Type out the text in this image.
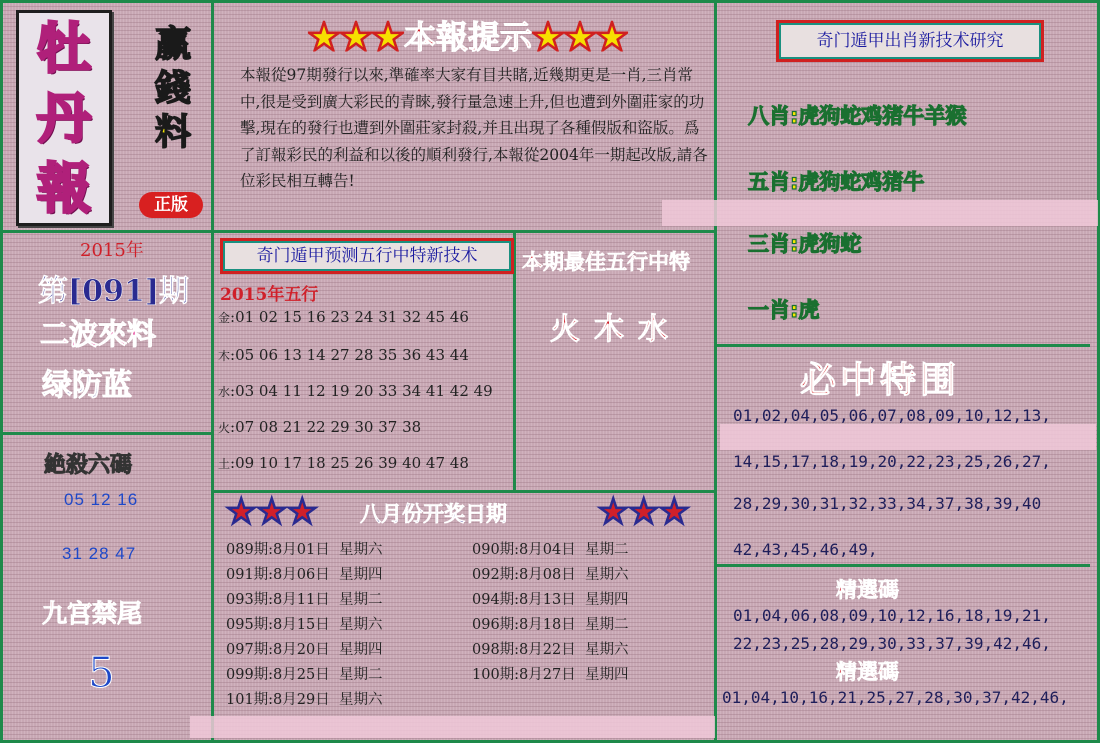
牡
丹
報
赢
錢
料
正版
2015年
第[091]期
二波來料
绿防蓝
絶殺六碼
05 12 16
31 28 47
九宫禁尾
5
★★★本報提示★★★
本報從97期發行以來,準確率大家有目共睹,近幾期更是一肖,三肖常中,很是受到廣大彩民的青睞,發行量急速上升,但也遭到外圍莊家的功擊,現在的發行也遭到外圍莊家封殺,并且出現了各種假版和盜版。爲了訂報彩民的利益和以後的順利發行,本報從2004年一期起改版,請各位彩民相互轉告!
奇门遁甲预测五行中特新技术
2015年五行
金:01 02 15 16 23 24 31 32 45 46
木:05 06 13 14 27 28 35 36 43 44
水:03 04 11 12 19 20 33 34 41 42 49
火:07 08 21 22 29 30 37 38
土:09 10 17 18 25 26 39 40 47 48
本期最佳五行中特
火木水
★★★ 八月份开奖日期	★★★
089期:8月01日  星期六
091期:8月06日  星期四
093期:8月11日  星期二
095期:8月15日  星期六
097期:8月20日  星期四
099期:8月25日  星期二
101期:8月29日  星期六
090期:8月04日  星期二
092期:8月08日  星期六
094期:8月13日  星期四
096期:8月18日  星期二
098期:8月22日  星期六
100期:8月27日  星期四
奇门遁甲出肖新技术研究
八肖:虎狗蛇鸡猪牛羊猴
五肖:虎狗蛇鸡猪牛
三肖:虎狗蛇
一肖:虎
必中特围
01,02,04,05,06,07,08,09,10,12,13,
14,15,17,18,19,20,22,23,25,26,27,
28,29,30,31,32,33,34,37,38,39,40
42,43,45,46,49,
精選碼
01,04,06,08,09,10,12,16,18,19,21,
22,23,25,28,29,30,33,37,39,42,46,
精選碼
01,04,10,16,21,25,27,28,30,37,42,46,
